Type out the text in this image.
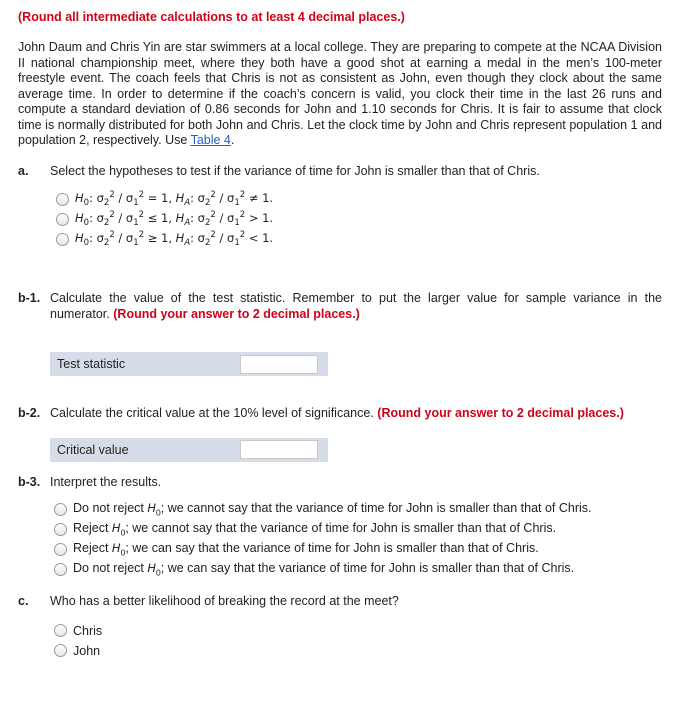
(Round all intermediate calculations to at least 4 decimal places.)
John Daum and Chris Yin are star swimmers at a local college. They are preparing to compete at the NCAA Division II national championship meet, where they both have a good shot at earning a medal in the men’s 100-meter freestyle event. The coach feels that Chris is not as consistent as John, even though they clock about the same average time. In order to determine if the coach’s concern is valid, you clock their time in the last 26 runs and compute a standard deviation of 0.86 seconds for John and 1.10 seconds for Chris. It is fair to assume that clock time is normally distributed for both John and Chris. Let the clock time by John and Chris represent population 1 and population 2, respectively. Use Table 4.
a.	Select the hypotheses to test if the variance of time for John is smaller than that of Chris.
$H_0$: $\sigma_2^2 / \sigma_1^2 = 1$, $H_A$: $\sigma_2^2 / \sigma_1^2 \ne 1$.
$H_0$: $\sigma_2^2 / \sigma_1^2 \le 1$, $H_A$: $\sigma_2^2 / \sigma_1^2 > 1$.
$H_0$: $\sigma_2^2 / \sigma_1^2 \ge 1$, $H_A$: $\sigma_2^2 / \sigma_1^2 < 1$.
b-1. Calculate the value of the test statistic. Remember to put the larger value for sample variance in the numerator. (Round your answer to 2 decimal places.)
Test statistic
b-2. Calculate the critical value at the 10% level of significance. (Round your answer to 2 decimal places.)
Critical value
b-3. Interpret the results.
Do not reject $H_0$; we cannot say that the variance of time for John is smaller than that of Chris.
Reject $H_0$; we cannot say that the variance of time for John is smaller than that of Chris.
Reject $H_0$; we can say that the variance of time for John is smaller than that of Chris.
Do not reject $H_0$; we can say that the variance of time for John is smaller than that of Chris.
c.	Who has a better likelihood of breaking the record at the meet?
Chris
John
